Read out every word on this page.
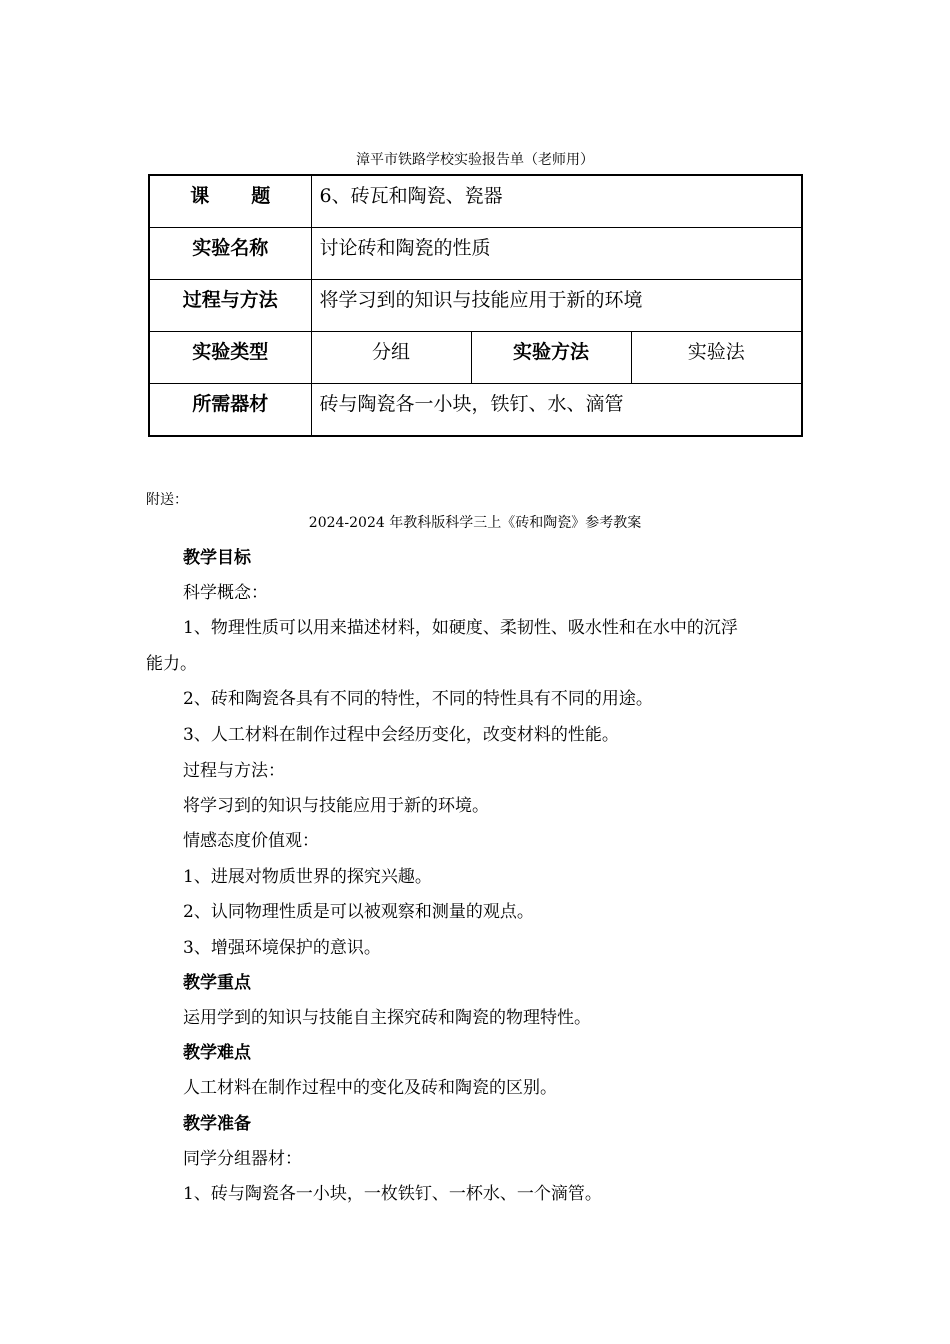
漳平市铁路学校实验报告单（老师用）
课 题	6、砖瓦和陶瓷、瓷器		
实验名称	讨论砖和陶瓷的性质		
过程与方法	将学习到的知识与技能应用于新的环境		
实验类型	分组	实验方法	实验法
所需器材	砖与陶瓷各一小块，铁钉、水、滴管		
附送：
2024-2024 年教科版科学三上《砖和陶瓷》参考教案
教学目标
科学概念：
1、物理性质可以用来描述材料，如硬度、柔韧性、吸水性和在水中的沉浮
能力。
2、砖和陶瓷各具有不同的特性，不同的特性具有不同的用途。
3、人工材料在制作过程中会经历变化，改变材料的性能。
过程与方法：
将学习到的知识与技能应用于新的环境。
情感态度价值观：
1、进展对物质世界的探究兴趣。
2、认同物理性质是可以被观察和测量的观点。
3、增强环境保护的意识。
教学重点
运用学到的知识与技能自主探究砖和陶瓷的物理特性。
教学难点
人工材料在制作过程中的变化及砖和陶瓷的区别。
教学准备
同学分组器材：
1、砖与陶瓷各一小块，一枚铁钉、一杯水、一个滴管。
